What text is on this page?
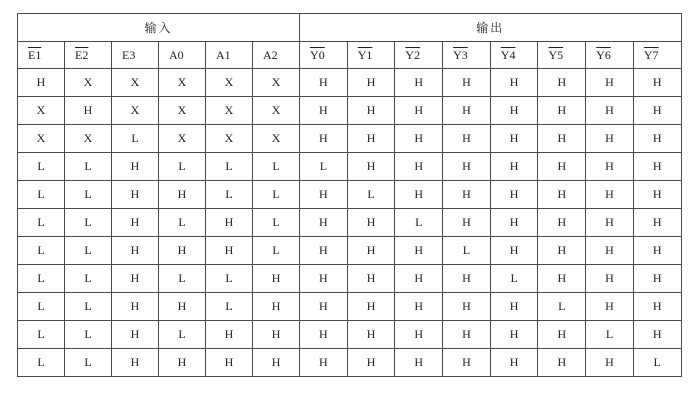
输入						输出							
E1	E2	E3	A0	A1	A2	Y0	Y1	Y2	Y3	Y4	Y5	Y6	Y7
H	X	X	X	X	X	H	H	H	H	H	H	H	H
X	H	X	X	X	X	H	H	H	H	H	H	H	H
X	X	L	X	X	X	H	H	H	H	H	H	H	H
L	L	H	L	L	L	L	H	H	H	H	H	H	H
L	L	H	H	L	L	H	L	H	H	H	H	H	H
L	L	H	L	H	L	H	H	L	H	H	H	H	H
L	L	H	H	H	L	H	H	H	L	H	H	H	H
L	L	H	L	L	H	H	H	H	H	L	H	H	H
L	L	H	H	L	H	H	H	H	H	H	L	H	H
L	L	H	L	H	H	H	H	H	H	H	H	L	H
L	L	H	H	H	H	H	H	H	H	H	H	H	L
